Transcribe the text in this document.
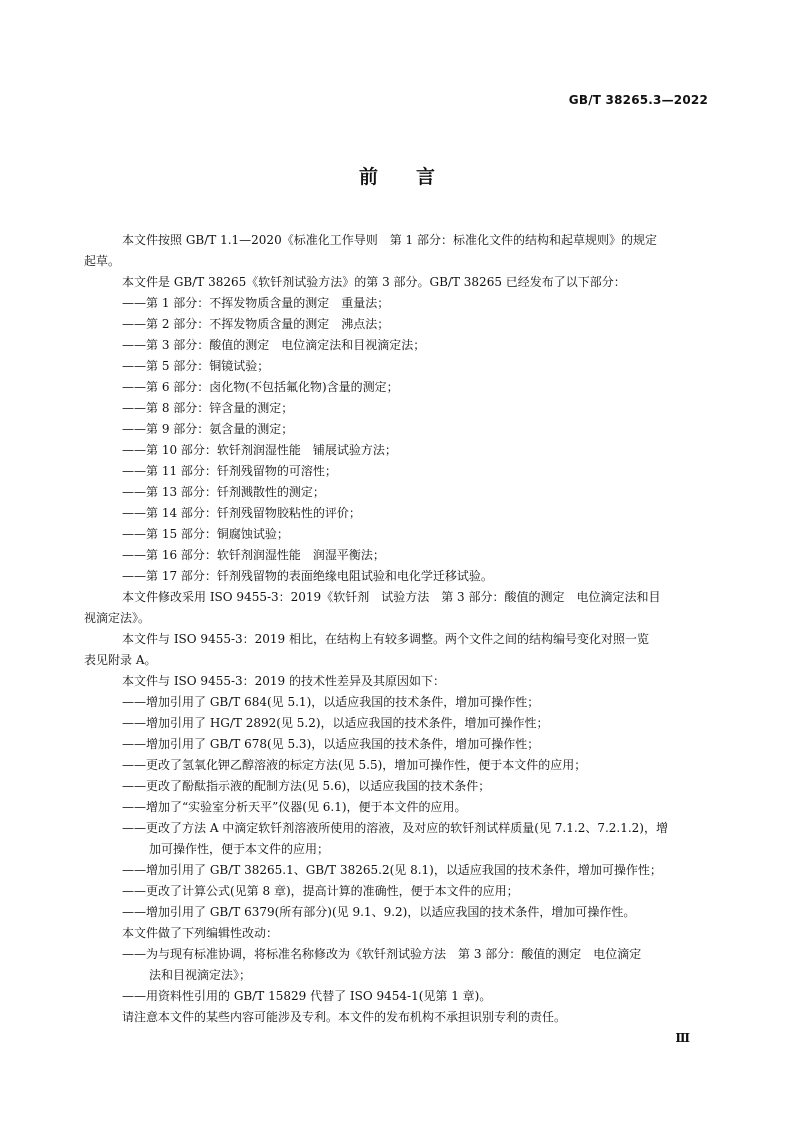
GB/T 38265.3—2022
前 言
本文件按照 GB/T 1.1—2020《标准化工作导则　第 1 部分：标准化文件的结构和起草规则》的规定
起草。
本文件是 GB/T 38265《软钎剂试验方法》的第 3 部分。GB/T 38265 已经发布了以下部分：
——第 1 部分：不挥发物质含量的测定　重量法；
——第 2 部分：不挥发物质含量的测定　沸点法；
——第 3 部分：酸值的测定　电位滴定法和目视滴定法；
——第 5 部分：铜镜试验；
——第 6 部分：卤化物(不包括氟化物)含量的测定；
——第 8 部分：锌含量的测定；
——第 9 部分：氨含量的测定；
——第 10 部分：软钎剂润湿性能　铺展试验方法；
——第 11 部分：钎剂残留物的可溶性；
——第 13 部分：钎剂溅散性的测定；
——第 14 部分：钎剂残留物胶粘性的评价；
——第 15 部分：铜腐蚀试验；
——第 16 部分：软钎剂润湿性能　润湿平衡法；
——第 17 部分：钎剂残留物的表面绝缘电阻试验和电化学迁移试验。
本文件修改采用 ISO 9455-3：2019《软钎剂　试验方法　第 3 部分：酸值的测定　电位滴定法和目
视滴定法》。
本文件与 ISO 9455-3：2019 相比，在结构上有较多调整。两个文件之间的结构编号变化对照一览
表见附录 A。
本文件与 ISO 9455-3：2019 的技术性差异及其原因如下：
——增加引用了 GB/T 684(见 5.1)，以适应我国的技术条件，增加可操作性；
——增加引用了 HG/T 2892(见 5.2)，以适应我国的技术条件，增加可操作性；
——增加引用了 GB/T 678(见 5.3)，以适应我国的技术条件，增加可操作性；
——更改了氢氧化钾乙醇溶液的标定方法(见 5.5)，增加可操作性，便于本文件的应用；
——更改了酚酞指示液的配制方法(见 5.6)，以适应我国的技术条件；
——增加了“实验室分析天平”仪器(见 6.1)，便于本文件的应用。
——更改了方法 A 中滴定软钎剂溶液所使用的溶液，及对应的软钎剂试样质量(见 7.1.2、7.2.1.2)，增
加可操作性，便于本文件的应用；
——增加引用了 GB/T 38265.1、GB/T 38265.2(见 8.1)，以适应我国的技术条件，增加可操作性；
——更改了计算公式(见第 8 章)，提高计算的准确性，便于本文件的应用；
——增加引用了 GB/T 6379(所有部分)(见 9.1、9.2)，以适应我国的技术条件，增加可操作性。
本文件做了下列编辑性改动：
——为与现有标准协调，将标准名称修改为《软钎剂试验方法　第 3 部分：酸值的测定　电位滴定
法和目视滴定法》；
——用资料性引用的 GB/T 15829 代替了 ISO 9454-1(见第 1 章)。
请注意本文件的某些内容可能涉及专利。本文件的发布机构不承担识别专利的责任。
Ⅲ
